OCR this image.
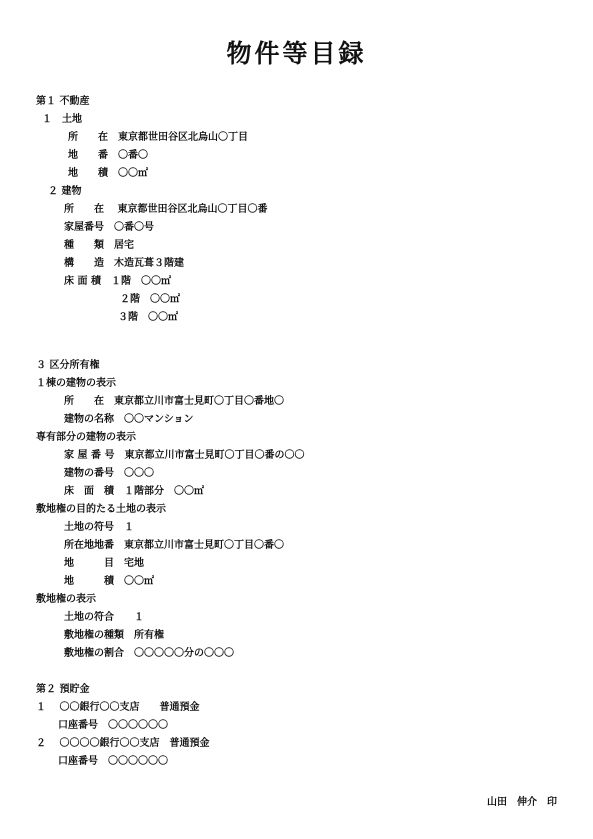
物件等目録
第１ 不動産
１　土地
所　　在　東京都世田谷区北烏山〇丁目
地　　番　〇番〇
地　　積　〇〇㎡
２ 建物
所　　在　 東京都世田谷区北烏山〇丁目〇番
家屋番号　〇番〇号
種　　類　居宅
構　　造　木造瓦葺３階建
床 面 積　１階　〇〇㎡
２階　〇〇㎡
３階　〇〇㎡
３ 区分所有権
１棟の建物の表示
所　　在　東京都立川市富士見町〇丁目〇番地〇
建物の名称　〇〇マンション
専有部分の建物の表示
家 屋 番 号　東京都立川市富士見町〇丁目〇番の〇〇
建物の番号　〇〇〇
床　面　積　１階部分　〇〇㎡
敷地権の目的たる土地の表示
土地の符号　１
所在地地番　東京都立川市富士見町〇丁目〇番〇
地　　　目　宅地
地　　　積　〇〇㎡
敷地権の表示
土地の符合　　１
敷地権の種類　所有権
敷地権の割合　〇〇〇〇〇分の〇〇〇
第２ 預貯金
１　 〇〇銀行〇〇支店　　普通預金
口座番号　〇〇〇〇〇〇
２　 〇〇〇〇銀行〇〇支店　普通預金
口座番号　〇〇〇〇〇〇
山田　伸介　印
